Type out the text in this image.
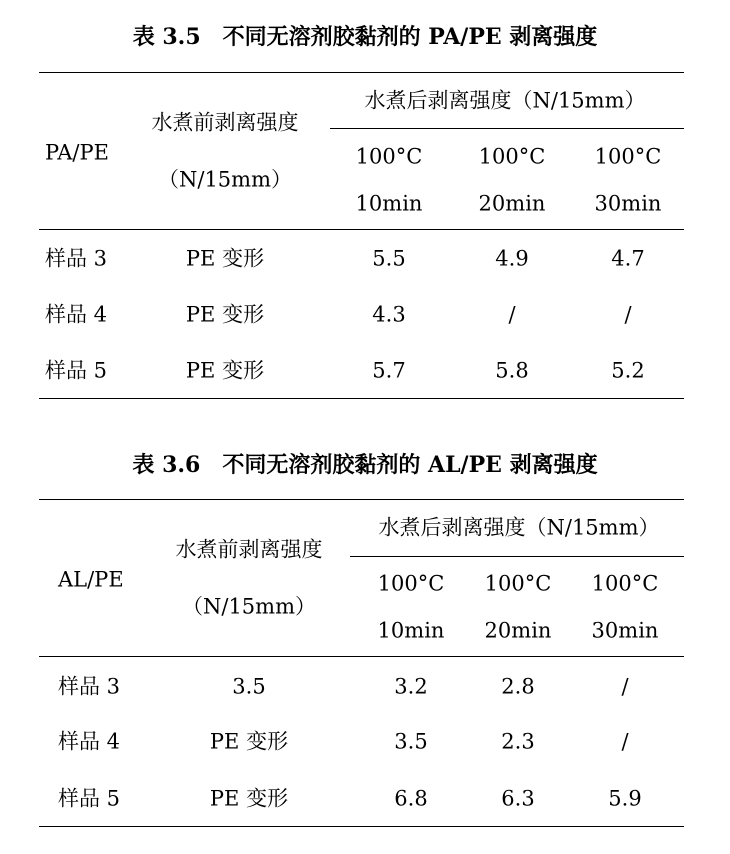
表 3.5 不同无溶剂胶黏剂的 PA/PE 剥离强度
PA/PE
水煮前剥离强度
（N/15mm）
水煮后剥离强度（N/15mm）
100°C	100°C 100°C
10min	20min 30min
样品 3	PE 变形	5.5	4.9	4.7
样品 4	PE 变形	4.3	/	/
样品 5	PE 变形	5.7	5.8	5.2
表 3.6 不同无溶剂胶黏剂的 AL/PE 剥离强度
AL/PE
水煮前剥离强度
（N/15mm）
水煮后剥离强度（N/15mm）
100°C 100°C 100°C
10min 20min 30min
样品 3	3.5	3.2	2.8	/
样品 4	PE 变形	3.5	2.3	/
样品 5	PE 变形	6.8	6.3	5.9
